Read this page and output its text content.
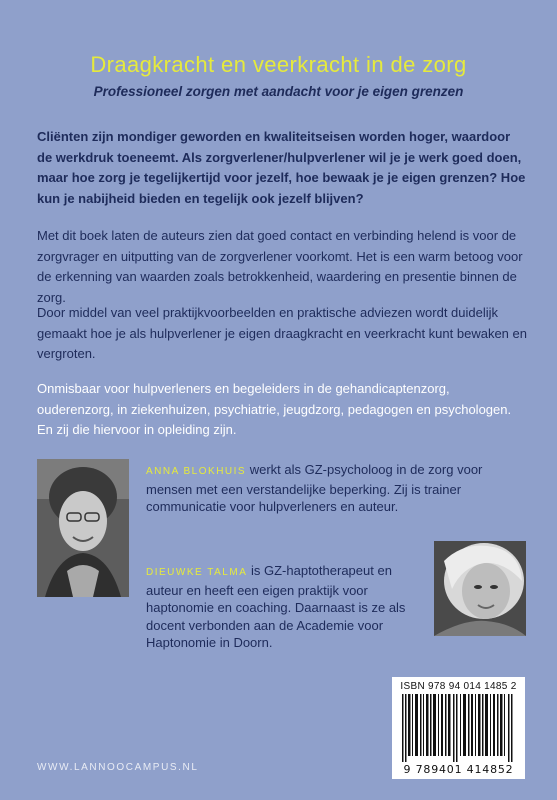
Draagkracht en veerkracht in de zorg
Professioneel zorgen met aandacht voor je eigen grenzen
Cliënten zijn mondiger geworden en kwaliteitseisen worden hoger, waardoor de werkdruk toeneemt. Als zorgverlener/hulpverlener wil je je werk goed doen, maar hoe zorg je tegelijkertijd voor jezelf, hoe bewaak je je eigen grenzen? Hoe kun je nabijheid bieden en tegelijk ook jezelf blijven?
Met dit boek laten de auteurs zien dat goed contact en verbinding helend is voor de zorgvrager en uitputting van de zorgverlener voorkomt. Het is een warm betoog voor de erkenning van waarden zoals betrokkenheid, waardering en presentie binnen de zorg.
Door middel van veel praktijkvoorbeelden en praktische adviezen wordt duidelijk gemaakt hoe je als hulpverlener je eigen draagkracht en veerkracht kunt bewaken en vergroten.
Onmisbaar voor hulpverleners en begeleiders in de gehandicaptenzorg, ouderenzorg, in ziekenhuizen, psychiatrie, jeugdzorg, pedagogen en psychologen. En zij die hiervoor in opleiding zijn.
ANNA BLOKHUIS werkt als GZ-psycholoog in de zorg voor mensen met een verstandelijke beperking. Zij is trainer communicatie voor hulpverleners en auteur.
DIEUWKE TALMA is GZ-haptotherapeut en auteur en heeft een eigen praktijk voor haptonomie en coaching. Daarnaast is ze als docent verbonden aan de Academie voor Haptonomie in Doorn.
ISBN 978 94 014 1485 2
9 789401 414852
WWW.LANNOOCAMPUS.NL
